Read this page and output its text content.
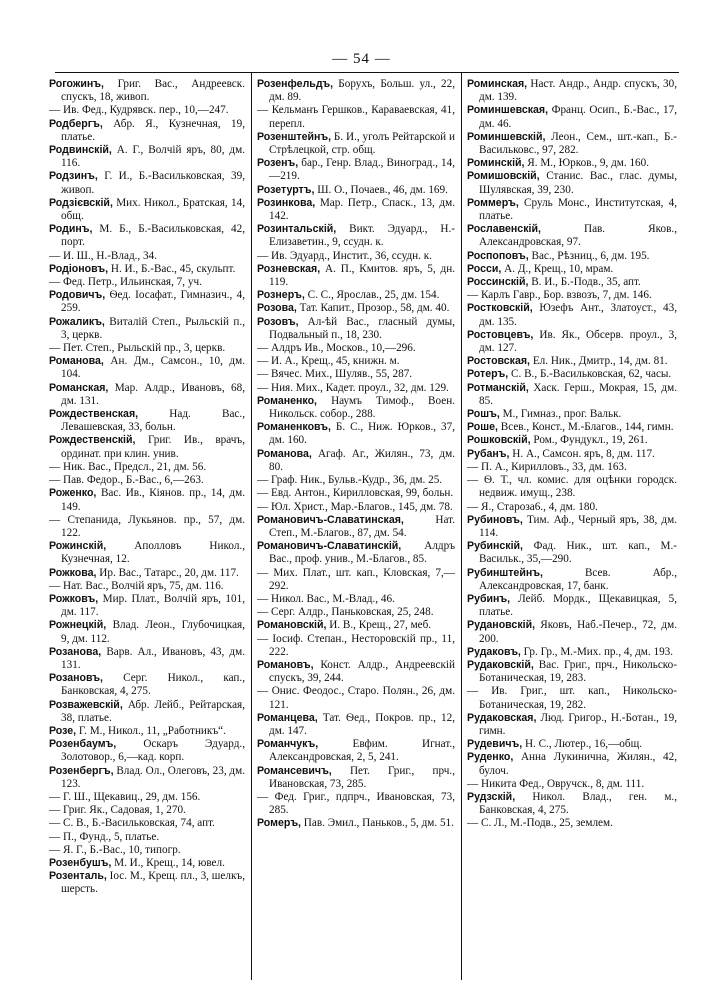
— 54 —

Рогожинъ, Григ. Вас., Андреевск. спускъ, 18, живоп.

— Ив. Фед., Кудрявск. пер., 10,—247.

Родбергъ, Абр. Я., Кузнечная, 19, платье.

Родвинскій, А. Г., Волчій яръ, 80, дм. 116.

Родзинъ, Г. И., Б.-Васильковская, 39, живоп.

Родзієвскій, Мих. Никол., Братская, 14, общ.

Родинъ, М. Б., Б.-Васильковская, 42, порт.

— И. Ш., Н.-Влад., 34.

Родіоновъ, Н. И., Б.-Вас., 45, скульпт.

— Фед. Петр., Ильинская, 7, уч.

Родовичъ, Ѳед. Іосафат., Гимназич., 4, 259.

Рожаликъ, Виталій Степ., Рыльскій п., 3, церкв.

— Пет. Степ., Рыльскій пр., 3, церкв.

Романова, Ан. Дм., Самсон., 10, дм. 104.

Романская, Мар. Алдр., Ивановъ, 68, дм. 131.

Рождественская, Над. Вас., Левашевская, 33, больн.

Рождественскій, Григ. Ив., врачъ, ординат. при клин. унив.

— Ник. Вас., Предсл., 21, дм. 56.

— Пав. Федор., Б.-Вас., 6,—263.

Роженко, Вас. Ив., Кіянов. пр., 14, дм. 149.

— Степанида, Лукьянов. пр., 57, дм. 122.

Рожинскій, Аполловъ Никол., Кузнечная, 12.

Рожкова, Ир. Вас., Татарс., 20, дм. 117.

— Нат. Вас., Волчій яръ, 75, дм. 116.

Рожковъ, Мир. Плат., Волчій яръ, 101, дм. 117.

Рожнецкій, Влад. Леон., Глубочицкая, 9, дм. 112.

Розанова, Варв. Ал., Ивановъ, 43, дм. 131.

Розановъ, Серг. Никол., кап., Банковская, 4, 275.

Розважевскій, Абр. Лейб., Рейтарская, 38, платье.

Розе, Г. М., Никол., 11, „Работникъ“.

Розенбаумъ, Оскаръ Эдуард., Золотовор., 6,—кад. корп.

Розенбергъ, Влад. Ол., Олеговъ, 23, дм. 123.

— Г. Ш., Щекавиц., 29, дм. 156.

— Григ. Як., Садовая, 1, 270.

— С. В., Б.-Васильковская, 74, апт.

— П., Фунд., 5, платье.

— Я. Г., Б.-Вас., 10, типогр.

Розенбушъ, М. И., Крещ., 14, ювел.

Розенталь, Іос. М., Крещ. пл., 3, шелкъ, шерсть.

Розенфельдъ, Борухъ, Больш. ул., 22, дм. 89.

— Кельманъ Гершков., Караваевская, 41, перепл.

Розенштейнъ, Б. И., уголъ Рейтарской и Стрѣлецкой, стр. общ.

Розенъ, бар., Генр. Влад., Виноград., 14,—219.

Розетуртъ, Ш. О., Почаев., 46, дм. 169.

Розинкова, Мар. Петр., Спаск., 13, дм. 142.

Розинтальскій, Викт. Эдуард., Н.-Елизаветин., 9, ссудн. к.

— Ив. Эдуард., Инстит., 36, ссудн. к.

Розневская, А. П., Кмитов. яръ, 5, дн. 119.

Рознеръ, С. С., Ярослав., 25, дм. 154.

Розова, Тат. Капит., Прозор., 58, дм. 40.

Розовъ, Ал-ѣй Вас., гласный думы, Подвальный п., 18, 230.

— Алдръ Ив., Москов., 10,—296.

— И. А., Крещ., 45, книжн. м.

— Вячес. Мих., Шуляв., 55, 287.

— Ния. Мих., Кадет. проул., 32, дм. 129.

Романенко, Наумъ Тимоф., Воен. Никольск. собор., 288.

Романенковъ, Б. С., Ниж. Юрков., 37, дм. 160.

Романова, Агаф. Аг., Жилян., 73, дм. 80.

— Граф. Ник., Бульв.-Кудр., 36, дм. 25.

— Евд. Антон., Кирилловская, 99, больн.

— Юл. Христ., Мар.-Благов., 145, дм. 78.

Романовичъ-Славатинская, Нат. Степ., М.-Благов., 87, дм. 54.

Романовичъ-Славатинскій, Алдръ Вас., проф. унив., М.-Благов., 85.

— Мих. Плат., шт. кап., Кловская, 7,—292.

— Никол. Вас., М.-Влад., 46.

— Серг. Алдр., Паньковская, 25, 248.

Романовскій, И. В., Крещ., 27, меб.

— Іосиф. Степан., Несторовскій пр., 11, 222.

Романовъ, Конст. Алдр., Андреевскій спускъ, 39, 244.

— Онис. Феодос., Старо. Полян., 26, дм. 121.

Романцева, Тат. Ѳед., Покров. пр., 12, дм. 147.

Романчукъ, Евфим. Игнат., Александровская, 2, 5, 241.

Романсевичъ, Пет. Григ., прч., Ивановская, 73, 285.

— Фед. Григ., пдпрч., Ивановская, 73, 285.

Ромеръ, Пав. Эмил., Паньков., 5, дм. 51.

Роминская, Наст. Андр., Андр. спускъ, 30, дм. 139.

Роминшевская, Франц. Осип., Б.-Вас., 17, дм. 46.

Роминшевскій, Леон., Сем., шт.-кап., Б.-Васильковс., 97, 282.

Роминскій, Я. М., Юрков., 9, дм. 160.

Ромишовскій, Станис. Вас., глас. думы, Шулявская, 39, 230.

Роммеръ, Сруль Монс., Институтская, 4, платье.

Рославенскій, Пав. Яков., Александровская, 97.

Роспоповъ, Вас., Рѣзниц., 6, дм. 195.

Росси, А. Д., Крещ., 10, мрам.

Россинскій, В. И., Б.-Подв., 35, апт.

— Карлъ Гавр., Бор. взвозъ, 7, дм. 146.

Ростковскій, Юзефъ Ант., Златоуст., 43, дм. 135.

Ростовцевъ, Ив. Як., Обсерв. проул., 3, дм. 127.

Ростовская, Ел. Ник., Дмитр., 14, дм. 81.

Ротеръ, С. В., Б.-Васильковская, 62, часы.

Ротманскій, Хаск. Герш., Мокрая, 15, дм. 85.

Рошъ, М., Гимназ., прог. Вальк.

Роше, Всев., Конст., М.-Благов., 144, гимн.

Рошковскій, Ром., Фундукл., 19, 261.

Рубанъ, Н. А., Самсон. яръ, 8, дм. 117.

— П. А., Кирилловъ., 33, дм. 163.

— Ѳ. Т., чл. комис. для оцѣнки городск. недвиж. имущ., 238.

— Я., Староза6., 4, дм. 180.

Рубиновъ, Тим. Аф., Черный яръ, 38, дм. 114.

Рубинскій, Фад. Ник., шт. кап., М.-Васильк., 35,—290.

Рубинштейнъ, Всев. Абр., Александровская, 17, банк.

Рубинъ, Лейб. Мордк., Щекавицкая, 5, платье.

Рудановскій, Яковъ, Наб.-Печер., 72, дм. 200.

Рудаковъ, Гр. Гр., М.-Мих. пр., 4, дм. 193.

Рудаковскій, Вас. Григ., прч., Никольско-Ботаническая, 19, 283.

— Ив. Григ., шт. кап., Никольско-Ботаническая, 19, 282.

Рудаковская, Люд. Григор., Н.-Ботан., 19, гимн.

Рудевичъ, Н. С., Лютер., 16,—общ.

Руденко, Анна Лукинична, Жилян., 42, булоч.

— Никита Фед., Овручск., 8, дм. 111.

Рудзскій, Никол. Влад., ген. м., Банковская, 4, 275.

— С. Л., М.-Подв., 25, землем.
